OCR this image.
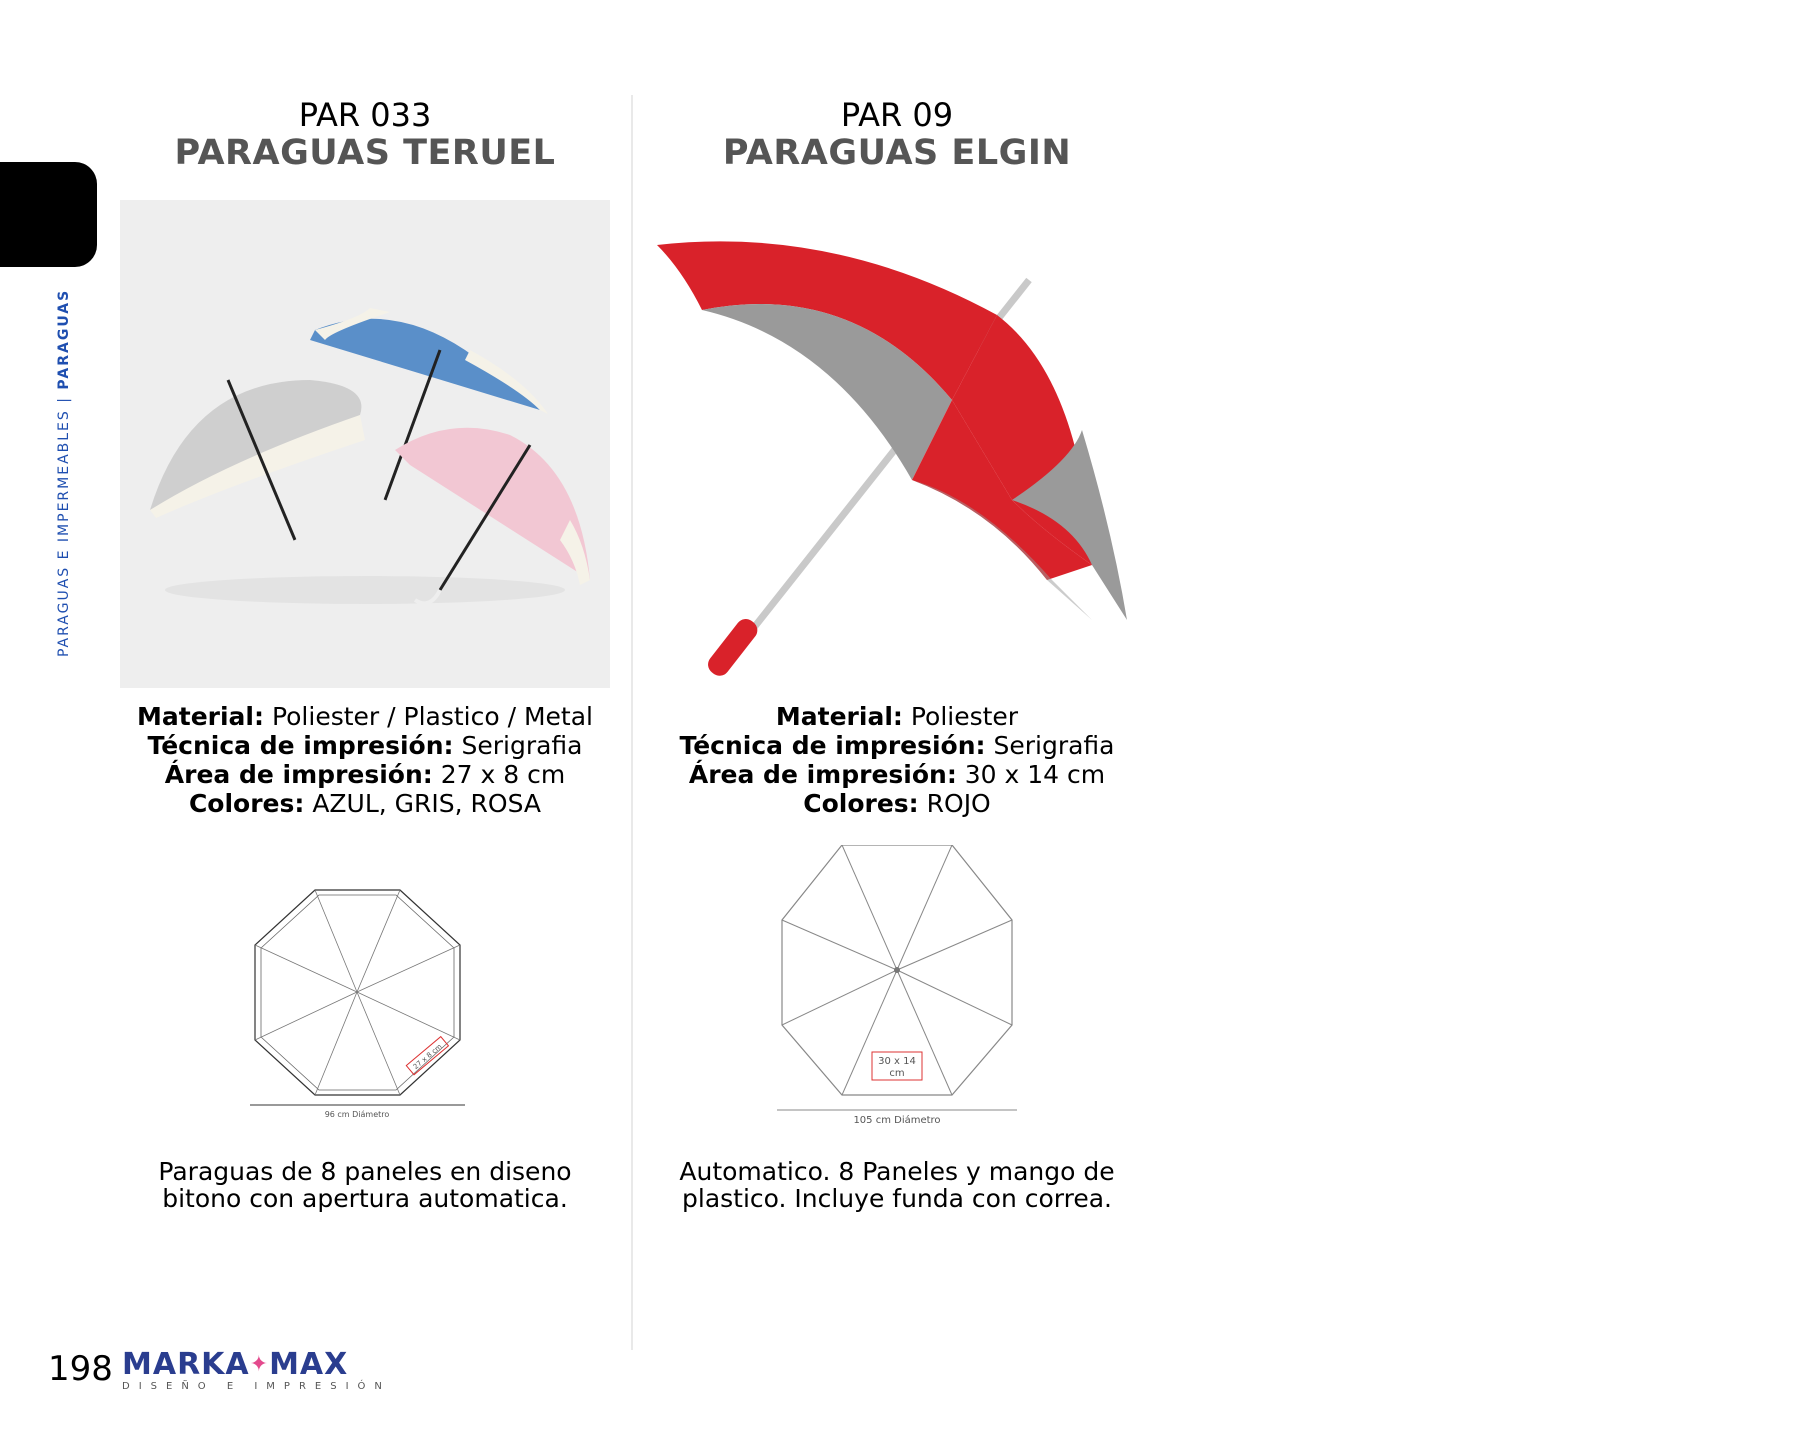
PARAGUAS E IMPERMEABLES | PARAGUAS
PAR 033
PARAGUAS TERUEL
Material: Poliester / Plastico / Metal
Técnica de impresión: Serigrafia
Área de impresión: 27 x 8 cm
Colores: AZUL, GRIS, ROSA
27 x 8 cm
96 cm Diámetro
Paraguas de 8 paneles en diseno bitono con apertura automatica.
PAR 09
PARAGUAS ELGIN
Material: Poliester
Técnica de impresión: Serigrafia
Área de impresión: 30 x 14 cm
Colores: ROJO
30 x 14
cm
105 cm Diámetro
Automatico. 8 Paneles y mango de plastico. Incluye funda con correa.
198 MARKA✦MAX
DISEÑO E IMPRESIÓN
